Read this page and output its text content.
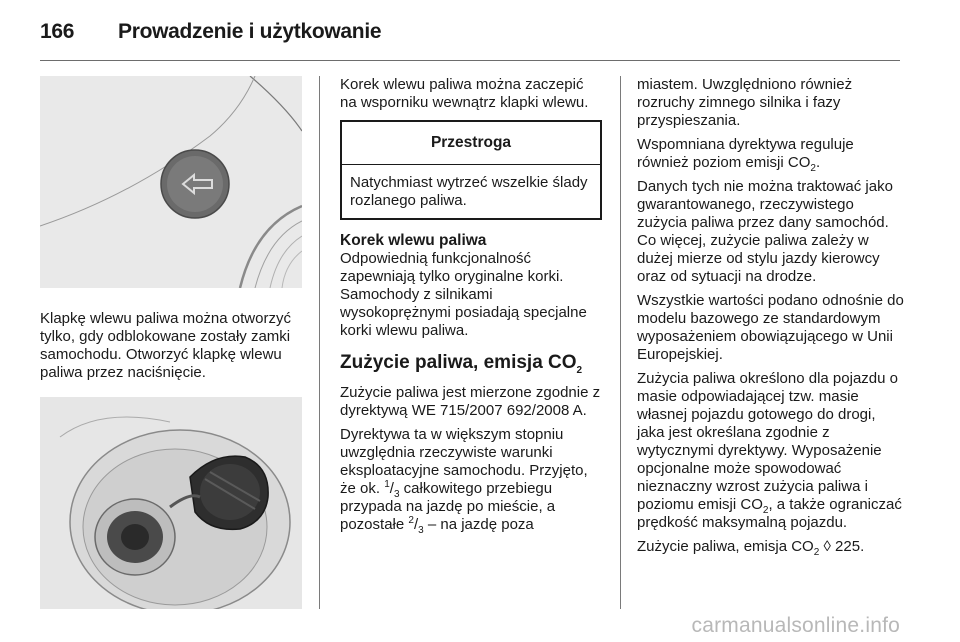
166 Prowadzenie i użytkowanie

Klapkę wlewu paliwa można otworzyć tylko, gdy odblokowane zostały zamki samochodu. Otworzyć klapkę wlewu paliwa przez naciśnięcie.

Korek wlewu paliwa można zaczepić na wsporniku wewnątrz klapki wlewu.

Przestroga
Natychmiast wytrzeć wszelkie ślady rozlanego paliwa.
Korek wlewu paliwa

Odpowiednią funkcjonalność zapewniają tylko oryginalne korki. Samochody z silnikami wysokoprężnymi posiadają specjalne korki wlewu paliwa.

Zużycie paliwa, emisja $CO_2$

Zużycie paliwa jest mierzone zgodnie z dyrektywą WE 715/2007 692/2008 A.

Dyrektywa ta w większym stopniu uwzględnia rzeczywiste warunki eksploatacyjne samochodu. Przyjęto, że ok. $^1/_3$ całkowitego przebiegu przypada na jazdę po mieście, a pozostałe $^2/_3$ – na jazdę poza

miastem. Uwzględniono również rozruchy zimnego silnika i fazy przyspieszania.

Wspomniana dyrektywa reguluje również poziom emisji $CO_2$.

Danych tych nie można traktować jako gwarantowanego, rzeczywistego zużycia paliwa przez dany samochód. Co więcej, zużycie paliwa zależy w dużej mierze od stylu jazdy kierowcy oraz od sytuacji na drodze.

Wszystkie wartości podano odnośnie do modelu bazowego ze standardowym wyposażeniem obowiązującego w Unii Europejskiej.

Zużycia paliwa określono dla pojazdu o masie odpowiadającej tzw. masie własnej pojazdu gotowego do drogi, jaka jest określana zgodnie z wytycznymi dyrektywy. Wyposażenie opcjonalne może spowodować nieznaczny wzrost zużycia paliwa i poziomu emisji $CO_2$, a także ograniczać prędkość maksymalną pojazdu.

Zużycie paliwa, emisja $CO_2$ ◊ 225.

carmanualsonline.info
